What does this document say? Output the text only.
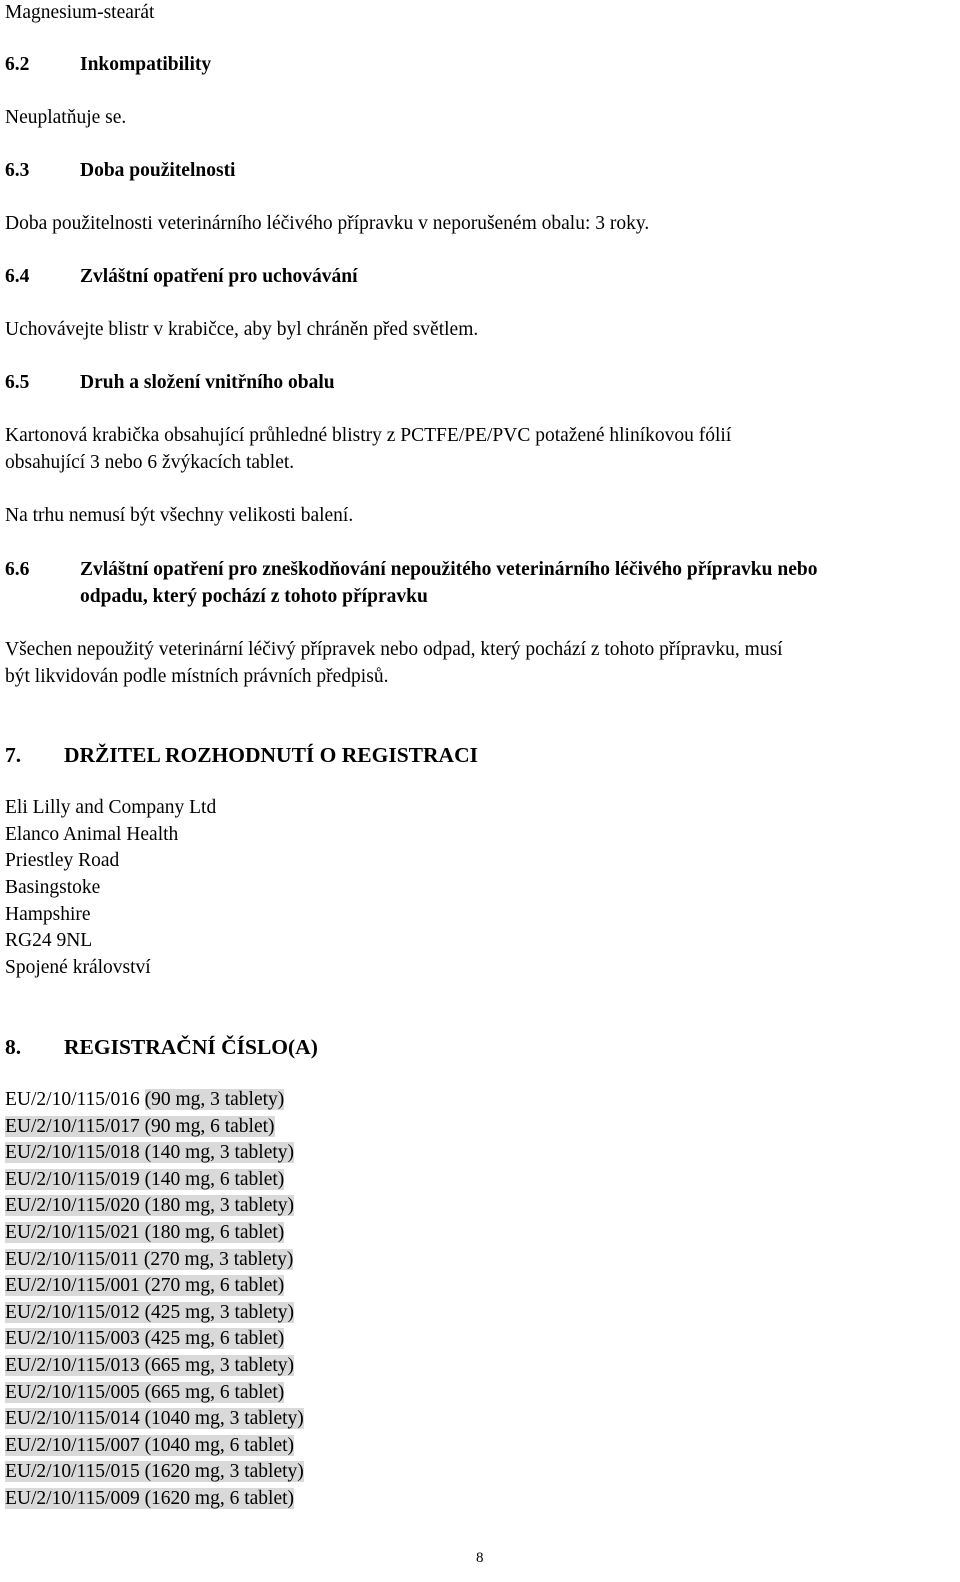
Magnesium-stearát
6.2	Inkompatibility
Neuplatňuje se.
6.3	Doba použitelnosti
Doba použitelnosti veterinárního léčivého přípravku v neporušeném obalu: 3 roky.
6.4	Zvláštní opatření pro uchovávání
Uchovávejte blistr v krabičce, aby byl chráněn před světlem.
6.5	Druh a složení vnitřního obalu
Kartonová krabička obsahující průhledné blistry z PCTFE/PE/PVC potažené hliníkovou fólií
obsahující 3 nebo 6 žvýkacích tablet.
Na trhu nemusí být všechny velikosti balení.
6.6	Zvláštní opatření pro zneškodňování nepoužitého veterinárního léčivého přípravku nebo
odpadu, který pochází z tohoto přípravku
Všechen nepoužitý veterinární léčivý přípravek nebo odpad, který pochází z tohoto přípravku, musí
být likvidován podle místních právních předpisů.
7. DRŽITEL ROZHODNUTÍ O REGISTRACI
Eli Lilly and Company Ltd
Elanco Animal Health
Priestley Road
Basingstoke
Hampshire
RG24 9NL
Spojené království
8. REGISTRAČNÍ ČÍSLO(A)
EU/2/10/115/016 (90 mg, 3 tablety)
EU/2/10/115/017 (90 mg, 6 tablet)
EU/2/10/115/018 (140 mg, 3 tablety)
EU/2/10/115/019 (140 mg, 6 tablet)
EU/2/10/115/020 (180 mg, 3 tablety)
EU/2/10/115/021 (180 mg, 6 tablet)
EU/2/10/115/011 (270 mg, 3 tablety)
EU/2/10/115/001 (270 mg, 6 tablet)
EU/2/10/115/012 (425 mg, 3 tablety)
EU/2/10/115/003 (425 mg, 6 tablet)
EU/2/10/115/013 (665 mg, 3 tablety)
EU/2/10/115/005 (665 mg, 6 tablet)
EU/2/10/115/014 (1040 mg, 3 tablety)
EU/2/10/115/007 (1040 mg, 6 tablet)
EU/2/10/115/015 (1620 mg, 3 tablety)
EU/2/10/115/009 (1620 mg, 6 tablet)
8
